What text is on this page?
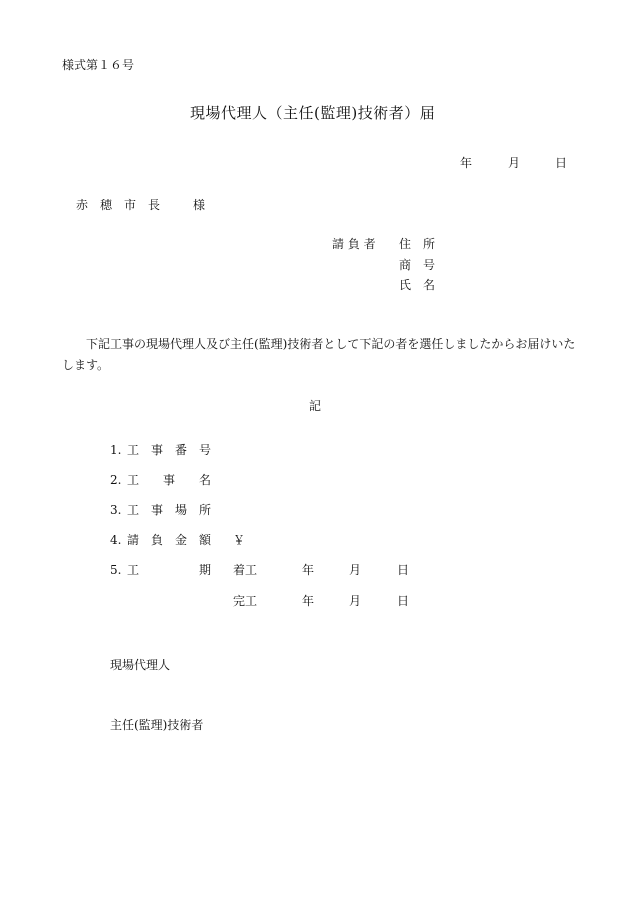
様式第１６号
現場代理人（主任(監理)技術者）届
年	月	日
赤　穂　市　長	様
請 負 者 住　所
商　号
氏　名
下記工事の現場代理人及び主任(監理)技術者として下記の者を選任しましたからお届けいた
します。
記
1. 工　事　番　号
2. 工　　事　　名
3. 工　事　場　所
4. 請　負　金　額 ￥
5. 工　　　　　期 着工	年	月	日
完工	年	月	日
現場代理人
主任(監理)技術者
